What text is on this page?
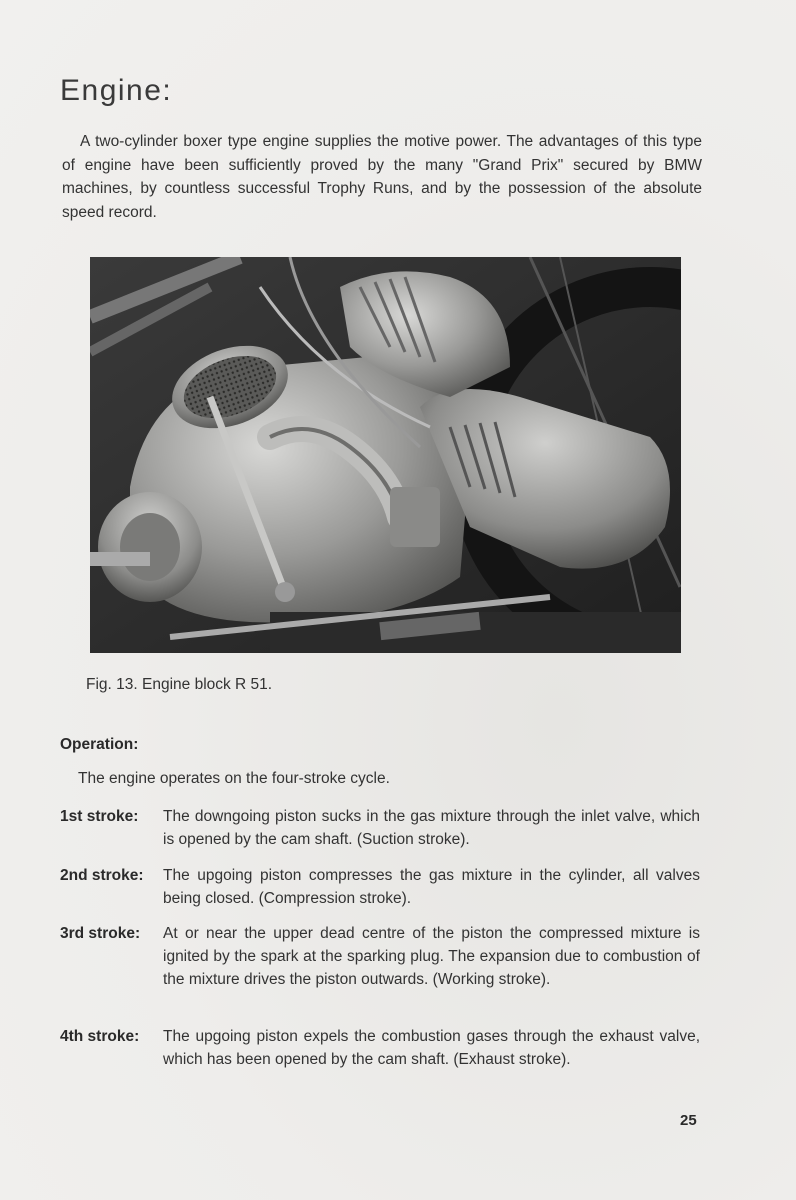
Engine:
A two-cylinder boxer type engine supplies the motive power. The advantages of this type of engine have been sufficiently proved by the many "Grand Prix" secured by BMW machines, by countless successful Trophy Runs, and by the possession of the absolute speed record.
Fig. 13. Engine block R 51.
Operation:
The engine operates on the four-stroke cycle.
1st stroke:	The downgoing piston sucks in the gas mixture through the inlet valve, which is opened by the cam shaft. (Suction stroke).
2nd stroke:	The upgoing piston compresses the gas mixture in the cylinder, all valves being closed. (Compression stroke).
3rd stroke:	At or near the upper dead centre of the piston the compressed mixture is ignited by the spark at the sparking plug. The expansion due to combustion of the mixture drives the piston outwards. (Working stroke).
4th stroke:	The upgoing piston expels the combustion gases through the exhaust valve, which has been opened by the cam shaft. (Exhaust stroke).
25
